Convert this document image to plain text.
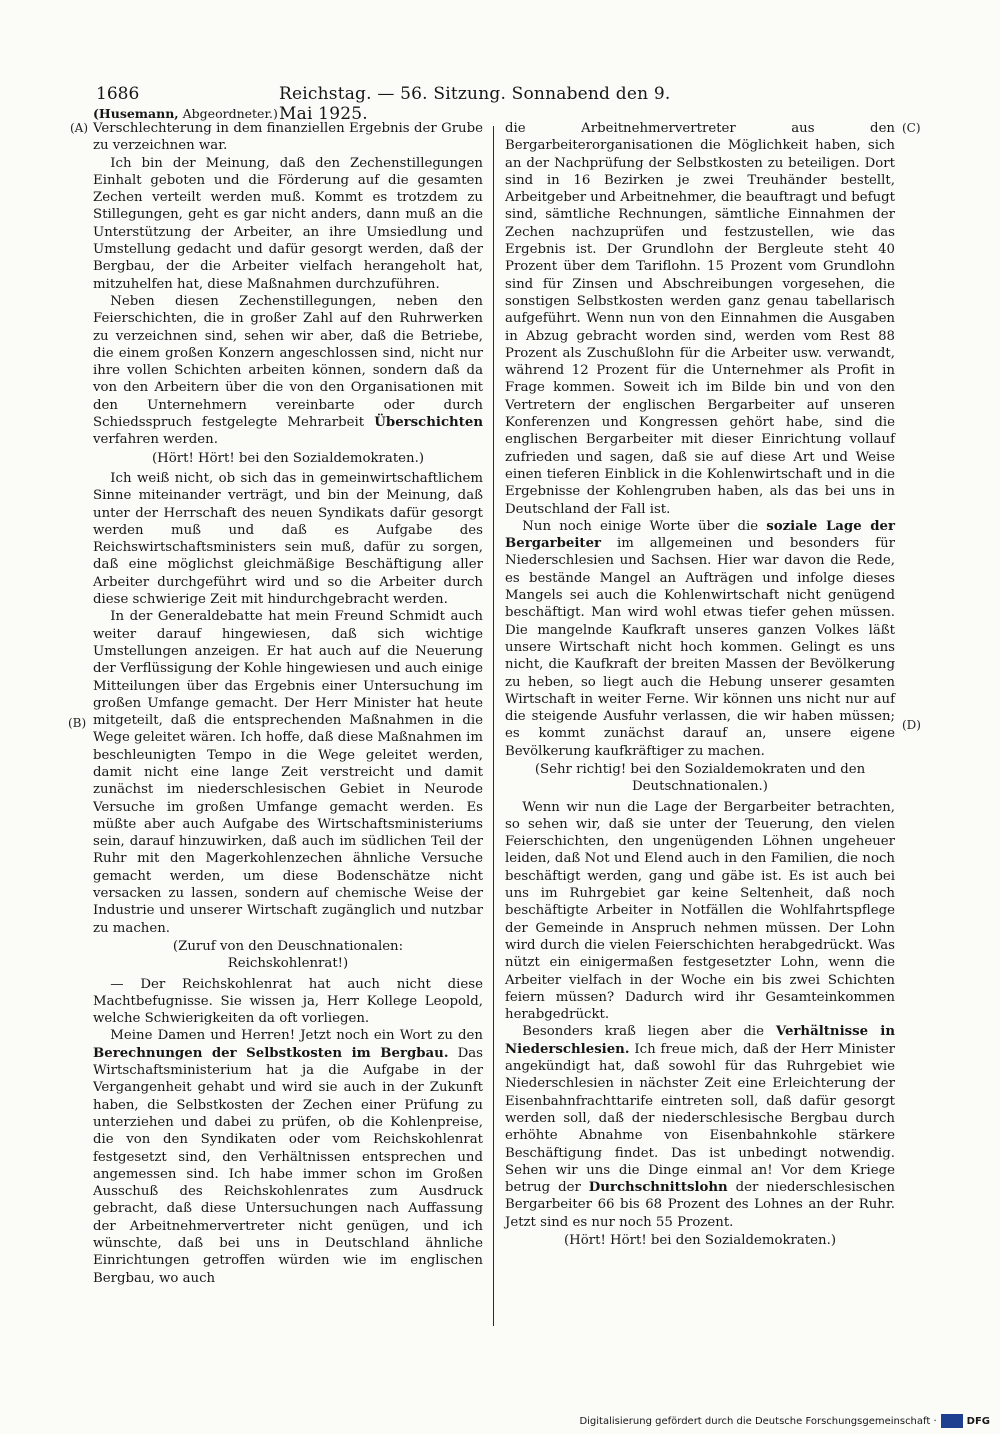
1686	Reichstag. — 56. Sitzung. Sonnabend den 9. Mai 1925.
(Husemann, Abgeordneter.)
(A)
(B)
(C)
(D)

Verschlechterung in dem finanziellen Ergebnis der Grube zu verzeichnen war.

Ich bin der Meinung, daß den Zechenstillegungen Einhalt geboten und die Förderung auf die gesamten Zechen verteilt werden muß. Kommt es trotzdem zu Stillegungen, geht es gar nicht anders, dann muß an die Unterstützung der Arbeiter, an ihre Umsiedlung und Umstellung gedacht und dafür gesorgt werden, daß der Bergbau, der die Arbeiter vielfach herangeholt hat, mitzuhelfen hat, diese Maßnahmen durchzuführen.

Neben diesen Zechenstillegungen, neben den Feierschichten, die in großer Zahl auf den Ruhrwerken zu verzeichnen sind, sehen wir aber, daß die Betriebe, die einem großen Konzern angeschlossen sind, nicht nur ihre vollen Schichten arbeiten können, sondern daß da von den Arbeitern über die von den Organisationen mit den Unternehmern vereinbarte oder durch Schiedsspruch festgelegte Mehrarbeit Überschichten verfahren werden.

(Hört! Hört! bei den Sozialdemokraten.)

Ich weiß nicht, ob sich das in gemeinwirtschaftlichem Sinne miteinander verträgt, und bin der Meinung, daß unter der Herrschaft des neuen Syndikats dafür gesorgt werden muß und daß es Aufgabe des Reichswirtschaftsministers sein muß, dafür zu sorgen, daß eine möglichst gleichmäßige Beschäftigung aller Arbeiter durchgeführt wird und so die Arbeiter durch diese schwierige Zeit mit hindurchgebracht werden.

In der Generaldebatte hat mein Freund Schmidt auch weiter darauf hingewiesen, daß sich wichtige Umstellungen anzeigen. Er hat auch auf die Neuerung der Verflüssigung der Kohle hingewiesen und auch einige Mitteilungen über das Ergebnis einer Untersuchung im großen Umfange gemacht. Der Herr Minister hat heute mitgeteilt, daß die entsprechenden Maßnahmen in die Wege geleitet wären. Ich hoffe, daß diese Maßnahmen im beschleunigten Tempo in die Wege geleitet werden, damit nicht eine lange Zeit verstreicht und damit zunächst im niederschlesischen Gebiet in Neurode Versuche im großen Umfange gemacht werden. Es müßte aber auch Aufgabe des Wirtschaftsministeriums sein, darauf hinzuwirken, daß auch im südlichen Teil der Ruhr mit den Magerkohlenzechen ähnliche Versuche gemacht werden, um diese Bodenschätze nicht versacken zu lassen, sondern auf chemische Weise der Industrie und unserer Wirtschaft zugänglich und nutzbar zu machen.

(Zuruf von den Deuschnationalen: Reichskohlenrat!)

— Der Reichskohlenrat hat auch nicht diese Machtbefugnisse. Sie wissen ja, Herr Kollege Leopold, welche Schwierigkeiten da oft vorliegen.

Meine Damen und Herren! Jetzt noch ein Wort zu den Berechnungen der Selbstkosten im Bergbau. Das Wirtschaftsministerium hat ja die Aufgabe in der Vergangenheit gehabt und wird sie auch in der Zukunft haben, die Selbstkosten der Zechen einer Prüfung zu unterziehen und dabei zu prüfen, ob die Kohlenpreise, die von den Syndikaten oder vom Reichskohlenrat festgesetzt sind, den Verhältnissen entsprechen und angemessen sind. Ich habe immer schon im Großen Ausschuß des Reichskohlenrates zum Ausdruck gebracht, daß diese Untersuchungen nach Auffassung der Arbeitnehmervertreter nicht genügen, und ich wünschte, daß bei uns in Deutschland ähnliche Einrichtungen getroffen würden wie im englischen Bergbau, wo auch

die Arbeitnehmervertreter aus den Bergarbeiterorganisationen die Möglichkeit haben, sich an der Nachprüfung der Selbstkosten zu beteiligen. Dort sind in 16 Bezirken je zwei Treuhänder bestellt, Arbeitgeber und Arbeitnehmer, die beauftragt und befugt sind, sämtliche Rechnungen, sämtliche Einnahmen der Zechen nachzuprüfen und festzustellen, wie das Ergebnis ist. Der Grundlohn der Bergleute steht 40 Prozent über dem Tariflohn. 15 Prozent vom Grundlohn sind für Zinsen und Abschreibungen vorgesehen, die sonstigen Selbstkosten werden ganz genau tabellarisch aufgeführt. Wenn nun von den Einnahmen die Ausgaben in Abzug gebracht worden sind, werden vom Rest 88 Prozent als Zuschußlohn für die Arbeiter usw. verwandt, während 12 Prozent für die Unternehmer als Profit in Frage kommen. Soweit ich im Bilde bin und von den Vertretern der englischen Bergarbeiter auf unseren Konferenzen und Kongressen gehört habe, sind die englischen Bergarbeiter mit dieser Einrichtung vollauf zufrieden und sagen, daß sie auf diese Art und Weise einen tieferen Einblick in die Kohlenwirtschaft und in die Ergebnisse der Kohlengruben haben, als das bei uns in Deutschland der Fall ist.

Nun noch einige Worte über die soziale Lage der Bergarbeiter im allgemeinen und besonders für Niederschlesien und Sachsen. Hier war davon die Rede, es bestände Mangel an Aufträgen und infolge dieses Mangels sei auch die Kohlenwirtschaft nicht genügend beschäftigt. Man wird wohl etwas tiefer gehen müssen. Die mangelnde Kaufkraft unseres ganzen Volkes läßt unsere Wirtschaft nicht hoch kommen. Gelingt es uns nicht, die Kaufkraft der breiten Massen der Bevölkerung zu heben, so liegt auch die Hebung unserer gesamten Wirtschaft in weiter Ferne. Wir können uns nicht nur auf die steigende Ausfuhr verlassen, die wir haben müssen; es kommt zunächst darauf an, unsere eigene Bevölkerung kaufkräftiger zu machen.

(Sehr richtig! bei den Sozialdemokraten und den Deutschnationalen.)

Wenn wir nun die Lage der Bergarbeiter betrachten, so sehen wir, daß sie unter der Teuerung, den vielen Feierschichten, den ungenügenden Löhnen ungeheuer leiden, daß Not und Elend auch in den Familien, die noch beschäftigt werden, gang und gäbe ist. Es ist auch bei uns im Ruhrgebiet gar keine Seltenheit, daß noch beschäftigte Arbeiter in Notfällen die Wohlfahrtspflege der Gemeinde in Anspruch nehmen müssen. Der Lohn wird durch die vielen Feierschichten herabgedrückt. Was nützt ein einigermaßen festgesetzter Lohn, wenn die Arbeiter vielfach in der Woche ein bis zwei Schichten feiern müssen? Dadurch wird ihr Gesamteinkommen herabgedrückt.

Besonders kraß liegen aber die Verhältnisse in Niederschlesien. Ich freue mich, daß der Herr Minister angekündigt hat, daß sowohl für das Ruhrgebiet wie Niederschlesien in nächster Zeit eine Erleichterung der Eisenbahnfrachttarife eintreten soll, daß dafür gesorgt werden soll, daß der niederschlesische Bergbau durch erhöhte Abnahme von Eisenbahnkohle stärkere Beschäftigung findet. Das ist unbedingt notwendig. Sehen wir uns die Dinge einmal an! Vor dem Kriege betrug der Durchschnittslohn der niederschlesischen Bergarbeiter 66 bis 68 Prozent des Lohnes an der Ruhr. Jetzt sind es nur noch 55 Prozent.

(Hört! Hört! bei den Sozialdemokraten.)

Digitalisierung gefördert durch die Deutsche Forschungsgemeinschaft ·	DFG
